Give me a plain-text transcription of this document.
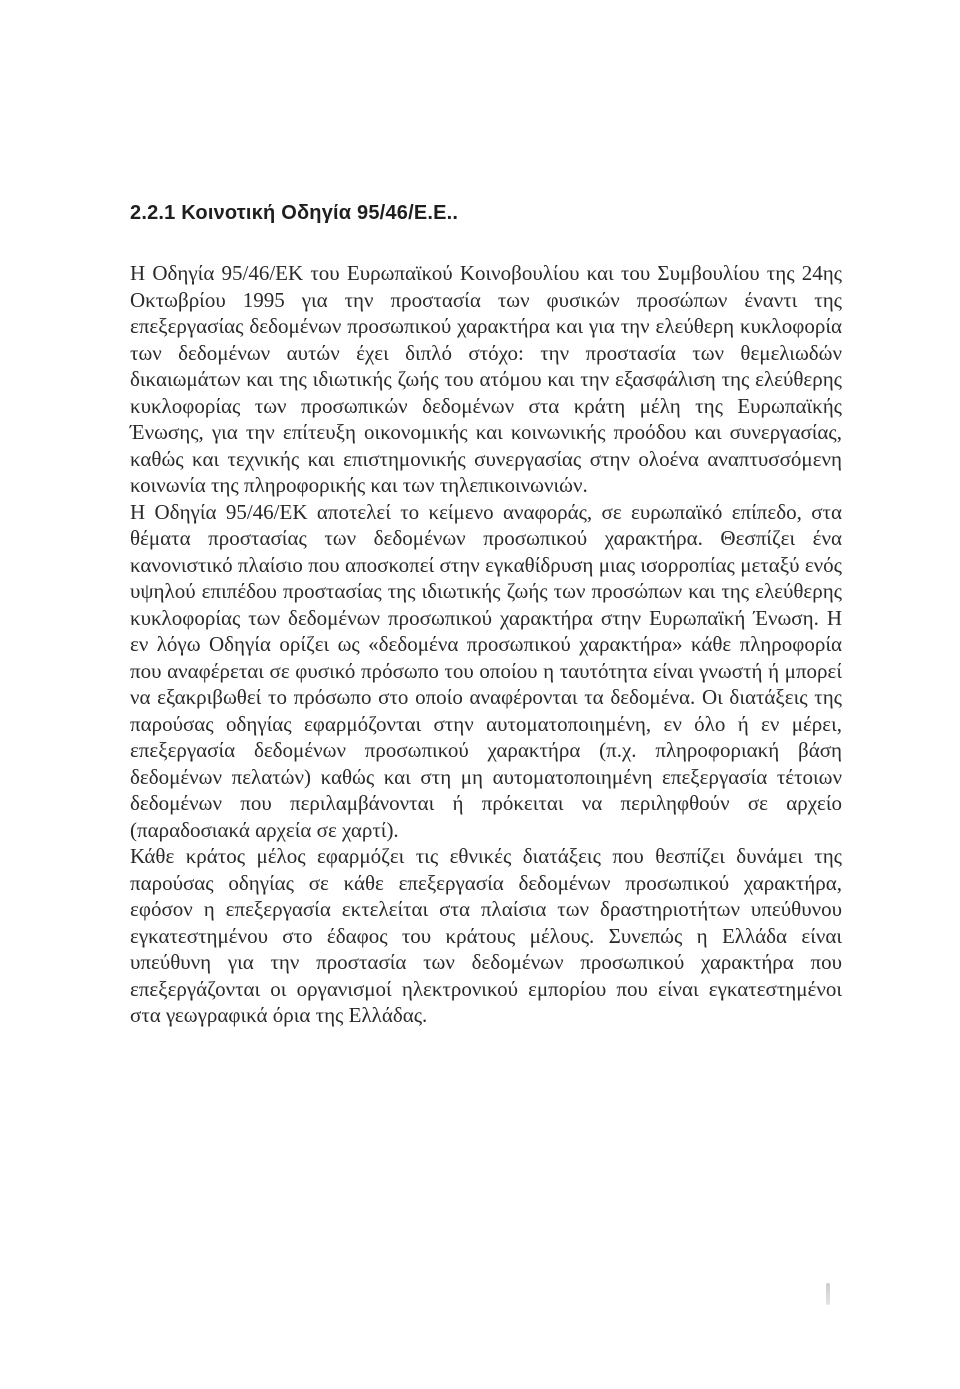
2.2.1 Κοινοτική Οδηγία 95/46/Ε.Ε..

Η Οδηγία 95/46/ΕΚ του Ευρωπαϊκού Κοινοβουλίου και του Συμβουλίου της 24ης Οκτωβρίου 1995 για την προστασία των φυσικών προσώπων έναντι της επεξεργασίας δεδομένων προσωπικού χαρακτήρα και για την ελεύθερη κυκλοφορία των δεδομένων αυτών έχει διπλό στόχο: την προστασία των θεμελιωδών δικαιωμάτων και της ιδιωτικής ζωής του ατόμου και την εξασφάλιση της ελεύθερης κυκλοφορίας των προσωπικών δεδομένων στα κράτη μέλη της Ευρωπαϊκής Ένωσης, για την επίτευξη οικονομικής και κοινωνικής προόδου και συνεργασίας, καθώς και τεχνικής και επιστημονικής συνεργασίας στην ολοένα αναπτυσσόμενη κοινωνία της πληροφορικής και των τηλεπικοινωνιών.

Η Οδηγία 95/46/ΕΚ αποτελεί το κείμενο αναφοράς, σε ευρωπαϊκό επίπεδο, στα θέματα προστασίας των δεδομένων προσωπικού χαρακτήρα. Θεσπίζει ένα κανονιστικό πλαίσιο που αποσκοπεί στην εγκαθίδρυση μιας ισορροπίας μεταξύ ενός υψηλού επιπέδου προστασίας της ιδιωτικής ζωής των προσώπων και της ελεύθερης κυκλοφορίας των δεδομένων προσωπικού χαρακτήρα στην Ευρωπαϊκή Ένωση. Η εν λόγω Οδηγία ορίζει ως «δεδομένα προσωπικού χαρακτήρα» κάθε πληροφορία που αναφέρεται σε φυσικό πρόσωπο του οποίου η ταυτότητα είναι γνωστή ή μπορεί να εξακριβωθεί το πρόσωπο στο οποίο αναφέρονται τα δεδομένα. Οι διατάξεις της παρούσας οδηγίας εφαρμόζονται στην αυτοματοποιημένη, εν όλο ή εν μέρει, επεξεργασία δεδομένων προσωπικού χαρακτήρα (π.χ. πληροφοριακή βάση δεδομένων πελατών) καθώς και στη μη αυτοματοποιημένη επεξεργασία τέτοιων δεδομένων που περιλαμβάνονται ή πρόκειται να περιληφθούν σε αρχείο (παραδοσιακά αρχεία σε χαρτί).

Κάθε κράτος μέλος εφαρμόζει τις εθνικές διατάξεις που θεσπίζει δυνάμει της παρούσας οδηγίας σε κάθε επεξεργασία δεδομένων προσωπικού χαρακτήρα, εφόσον η επεξεργασία εκτελείται στα πλαίσια των δραστηριοτήτων υπεύθυνου εγκατεστημένου στο έδαφος του κράτους μέλους. Συνεπώς η Ελλάδα είναι υπεύθυνη για την προστασία των δεδομένων προσωπικού χαρακτήρα που επεξεργάζονται οι οργανισμοί ηλεκτρονικού εμπορίου που είναι εγκατεστημένοι στα γεωγραφικά όρια της Ελλάδας.
